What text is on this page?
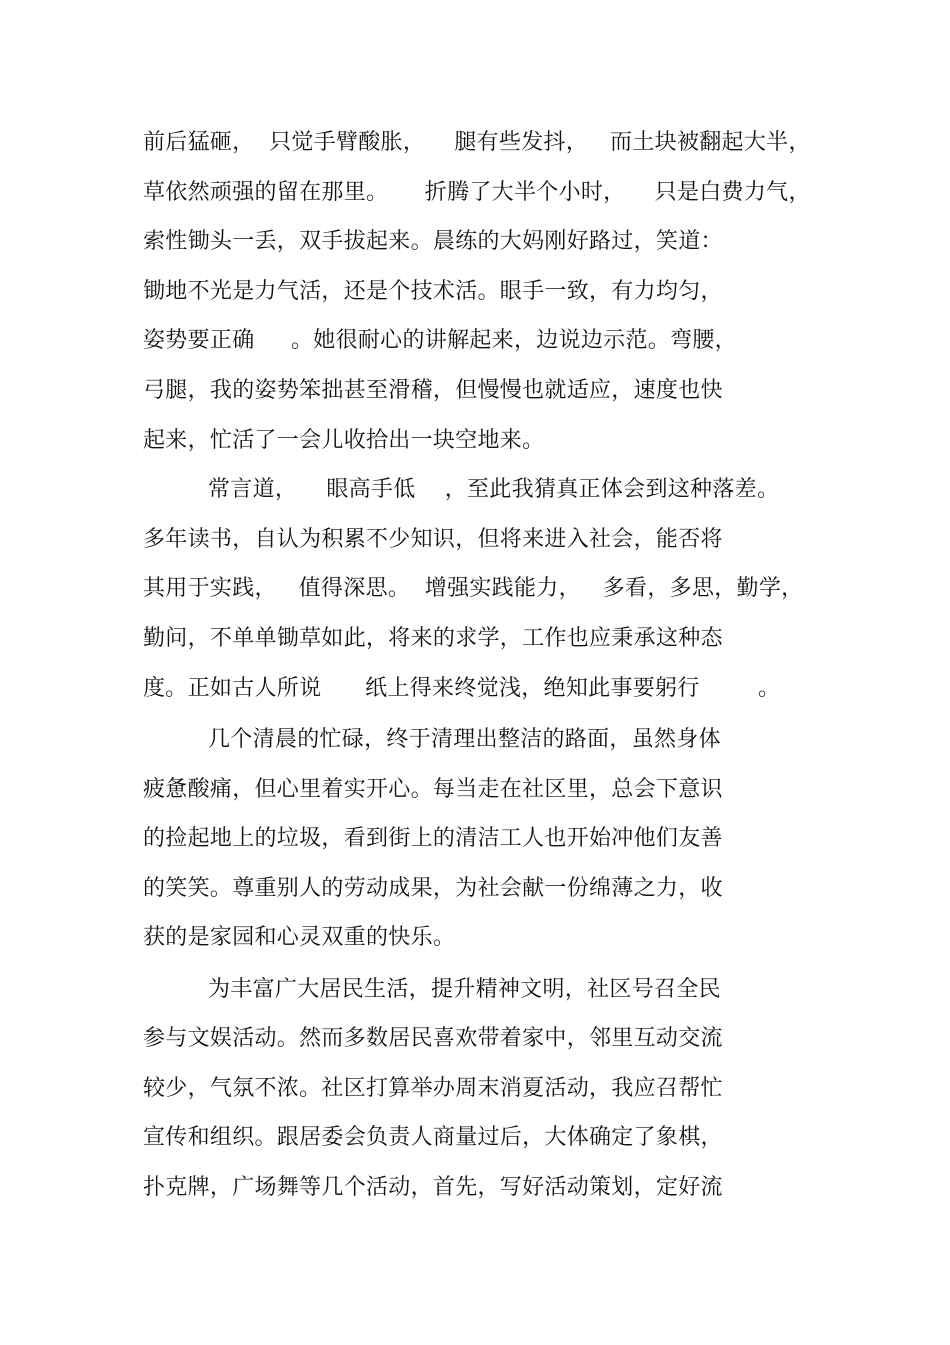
前后猛砸，  只觉手臂酸胀，    腿有些发抖，   而土块被翻起大半，
草依然顽强的留在那里。     折腾了大半个小时，    只是白费力气，
索性锄头一丢，双手拔起来。晨练的大妈刚好路过，笑道：
锄地不光是力气活，还是个技术活。眼手一致，有力均匀，
姿势要正确     。她很耐心的讲解起来，边说边示范。弯腰，
弓腿，我的姿势笨拙甚至滑稽，但慢慢也就适应，速度也快
起来，忙活了一会儿收拾出一块空地来。
常言道，    眼高手低    ，至此我猜真正体会到这种落差。
多年读书，自认为积累不少知识，但将来进入社会，能否将
其用于实践，   值得深思。  增强实践能力，   多看，多思，勤学，
勤问，不单单锄草如此，将来的求学，工作也应秉承这种态
度。正如古人所说      纸上得来终觉浅，绝知此事要躬行        。
几个清晨的忙碌，终于清理出整洁的路面，虽然身体
疲惫酸痛，但心里着实开心。每当走在社区里，总会下意识
的捡起地上的垃圾，看到街上的清洁工人也开始冲他们友善
的笑笑。尊重别人的劳动成果，为社会献一份绵薄之力，收
获的是家园和心灵双重的快乐。
为丰富广大居民生活，提升精神文明，社区号召全民
参与文娱活动。然而多数居民喜欢带着家中，邻里互动交流
较少，气氛不浓。社区打算举办周末消夏活动，我应召帮忙
宣传和组织。跟居委会负责人商量过后，大体确定了象棋，
扑克牌，广场舞等几个活动，首先，写好活动策划，定好流
